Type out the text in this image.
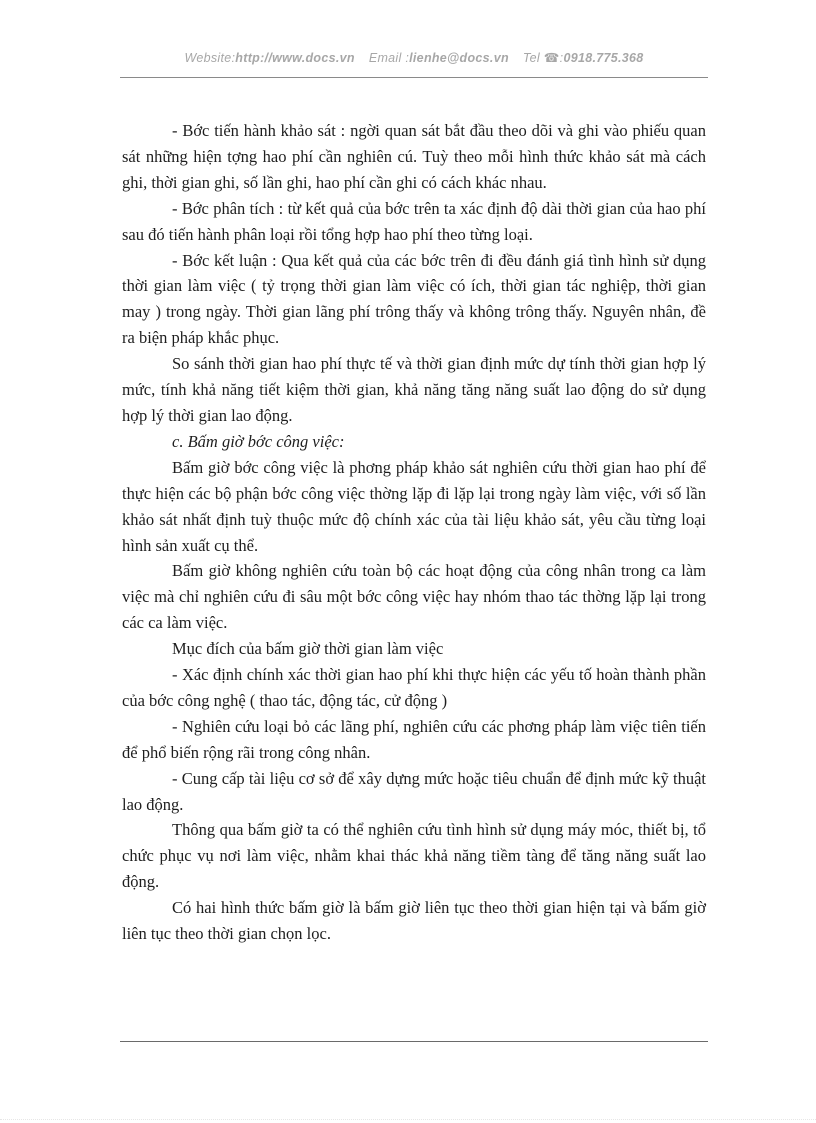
Website:http://www.docs.vn Email :lienhe@docs.vn Tel ☎:0918.775.368

- Bớc tiến hành khảo sát : ngời quan sát bắt đầu theo dõi và ghi vào phiếu quan sát những hiện tợng hao phí cần nghiên cú. Tuỳ theo mỗi hình thức khảo sát mà cách ghi, thời gian ghi, số lần ghi, hao phí cần ghi có cách khác nhau.

- Bớc phân tích : từ kết quả của bớc trên ta xác định độ dài thời gian của hao phí sau đó tiến hành phân loại rồi tổng hợp hao phí theo từng loại.

- Bớc kết luận : Qua kết quả của các bớc trên đi đều đánh giá tình hình sử dụng thời gian làm việc ( tỷ trọng thời gian làm việc có ích, thời gian tác nghiệp, thời gian may ) trong ngày. Thời gian lãng phí trông thấy và không trông thấy. Nguyên nhân, đề ra biện pháp khắc phục.

So sánh thời gian hao phí thực tế và thời gian định mức dự tính thời gian hợp lý mức, tính khả năng tiết kiệm thời gian, khả năng tăng năng suất lao động do sử dụng hợp lý thời gian lao động.

c. Bấm giờ bớc công việc:

Bấm giờ bớc công việc là phơng pháp khảo sát nghiên cứu thời gian hao phí để thực hiện các bộ phận bớc công việc thờng lặp đi lặp lại trong ngày làm việc, với số lần khảo sát nhất định tuỳ thuộc mức độ chính xác của tài liệu khảo sát, yêu cầu từng loại hình sản xuất cụ thể.

Bấm giờ không nghiên cứu toàn bộ các hoạt động của công nhân trong ca làm việc mà chỉ nghiên cứu đi sâu một bớc công việc hay nhóm thao tác thờng lặp lại trong các ca làm việc.

Mục đích của bấm giờ thời gian làm việc

- Xác định chính xác thời gian hao phí khi thực hiện các yếu tố hoàn thành phần của bớc công nghệ ( thao tác, động tác, cử động )

- Nghiên cứu loại bỏ các lãng phí, nghiên cứu các phơng pháp làm việc tiên tiến để phổ biến rộng rãi trong công nhân.

- Cung cấp tài liệu cơ sở để xây dựng mức hoặc tiêu chuẩn để định mức kỹ thuật lao động.

Thông qua bấm giờ ta có thể nghiên cứu tình hình sử dụng máy móc, thiết bị, tổ chức phục vụ nơi làm việc, nhằm khai thác khả năng tiềm tàng để tăng năng suất lao động.

Có hai hình thức bấm giờ là bấm giờ liên tục theo thời gian hiện tại và bấm giờ liên tục theo thời gian chọn lọc.
